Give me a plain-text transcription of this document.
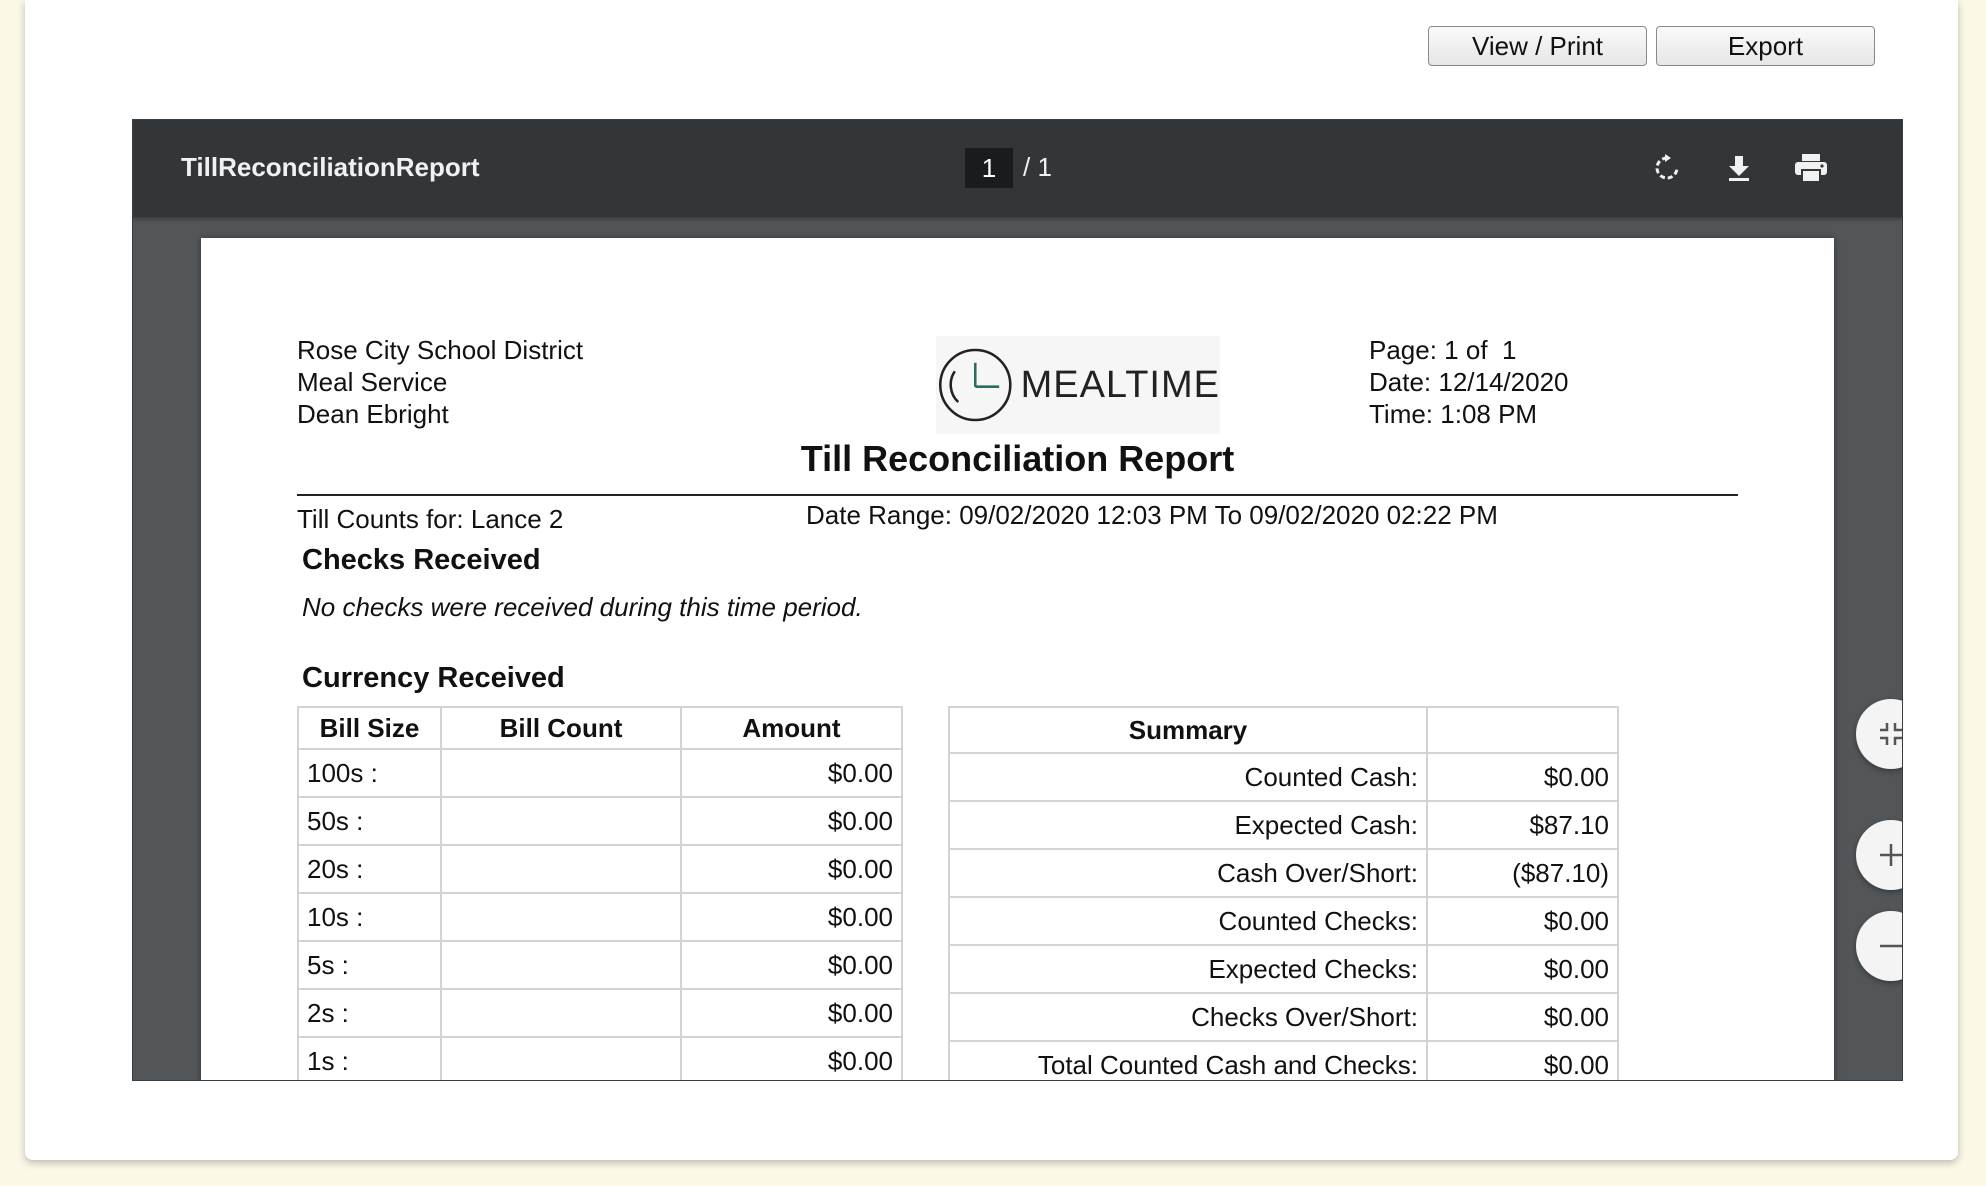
View / Print	Export
TillReconciliationReport	1	/ 1
Rose City School District
Meal Service
Dean Ebright
MEALTIME
Page: 1 of  1
Date: 12/14/2020
Time: 1:08 PM
Till Reconciliation Report
Till Counts for: Lance 2	Date Range: 09/02/2020 12:03 PM To 09/02/2020 02:22 PM
Checks Received
No checks were received during this time period.
Currency Received
Bill Size	Bill Count	Amount
100s :		$0.00
50s :		$0.00
20s :		$0.00
10s :		$0.00
5s :		$0.00
2s :		$0.00
1s :		$0.00
Summary	
Counted Cash:	$0.00
Expected Cash:	$87.10
Cash Over/Short:	($87.10)
Counted Checks:	$0.00
Expected Checks:	$0.00
Checks Over/Short:	$0.00
Total Counted Cash and Checks:	$0.00
